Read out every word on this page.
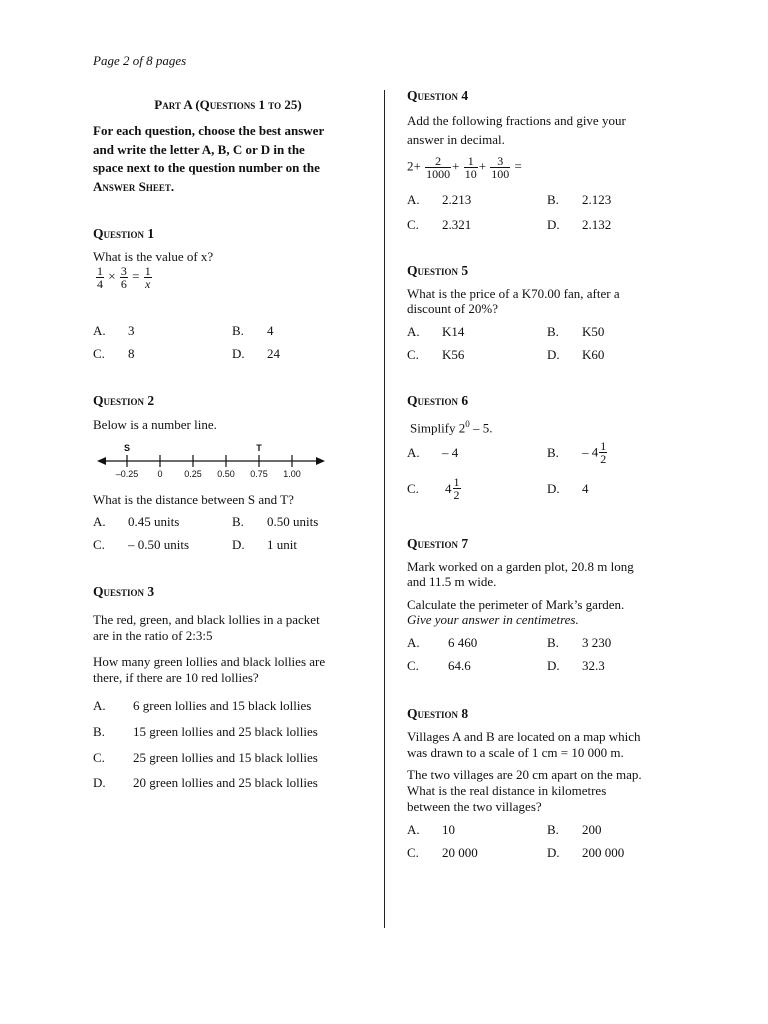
Page 2 of 8 pages
Part A (Questions 1 to 25)
For each question, choose the best answer
and write the letter A, B, C or D in the
space next to the question number on the
Answer Sheet.
Question 1
What is the value of x?
$\frac{1}{4} \times \frac{3}{6} = \frac{1}{x}$
A. 3	B. 4
C. 8	D. 24
Question 2
Below is a number line.
–0.25 0 0.25 0.50 0.75 1.00
S	T
What is the distance between S and T?
A. 0.45 units	B. 0.50 units
C. – 0.50 units	D. 1 unit
Question 3
The red, green, and black lollies in a packet
are in the ratio of 2:3:5
How many green lollies and black lollies are
there, if there are 10 red lollies?
A. 6 green lollies and 15 black lollies
B. 15 green lollies and 25 black lollies
C. 25 green lollies and 15 black lollies
D. 20 green lollies and 25 black lollies
Question 4
Add the following fractions and give your
answer in decimal.
$2+ \frac{2}{1000} + \frac{1}{10} + \frac{3}{100}$ =
A. 2.213	B. 2.123
C. 2.321	D. 2.132
Question 5
What is the price of a K70.00 fan, after a
discount of 20%?
A. K14	B. K50
C. K56	D. K60
Question 6
Simplify $2^0 - 5$.
A. – 4	B. – $4 \frac{1}{2}$
C. $4 \frac{1}{2}$	D. 4
Question 7
Mark worked on a garden plot, 20.8 m long
and 11.5 m wide.
Calculate the perimeter of Mark’s garden.
Give your answer in centimetres.
A. 6 460	B. 3 230
C. 64.6	D. 32.3
Question 8
Villages A and B are located on a map which
was drawn to a scale of 1 cm = 10 000 m.
The two villages are 20 cm apart on the map.
What is the real distance in kilometres
between the two villages?
A. 10	B. 200
C. 20 000	D. 200 000
